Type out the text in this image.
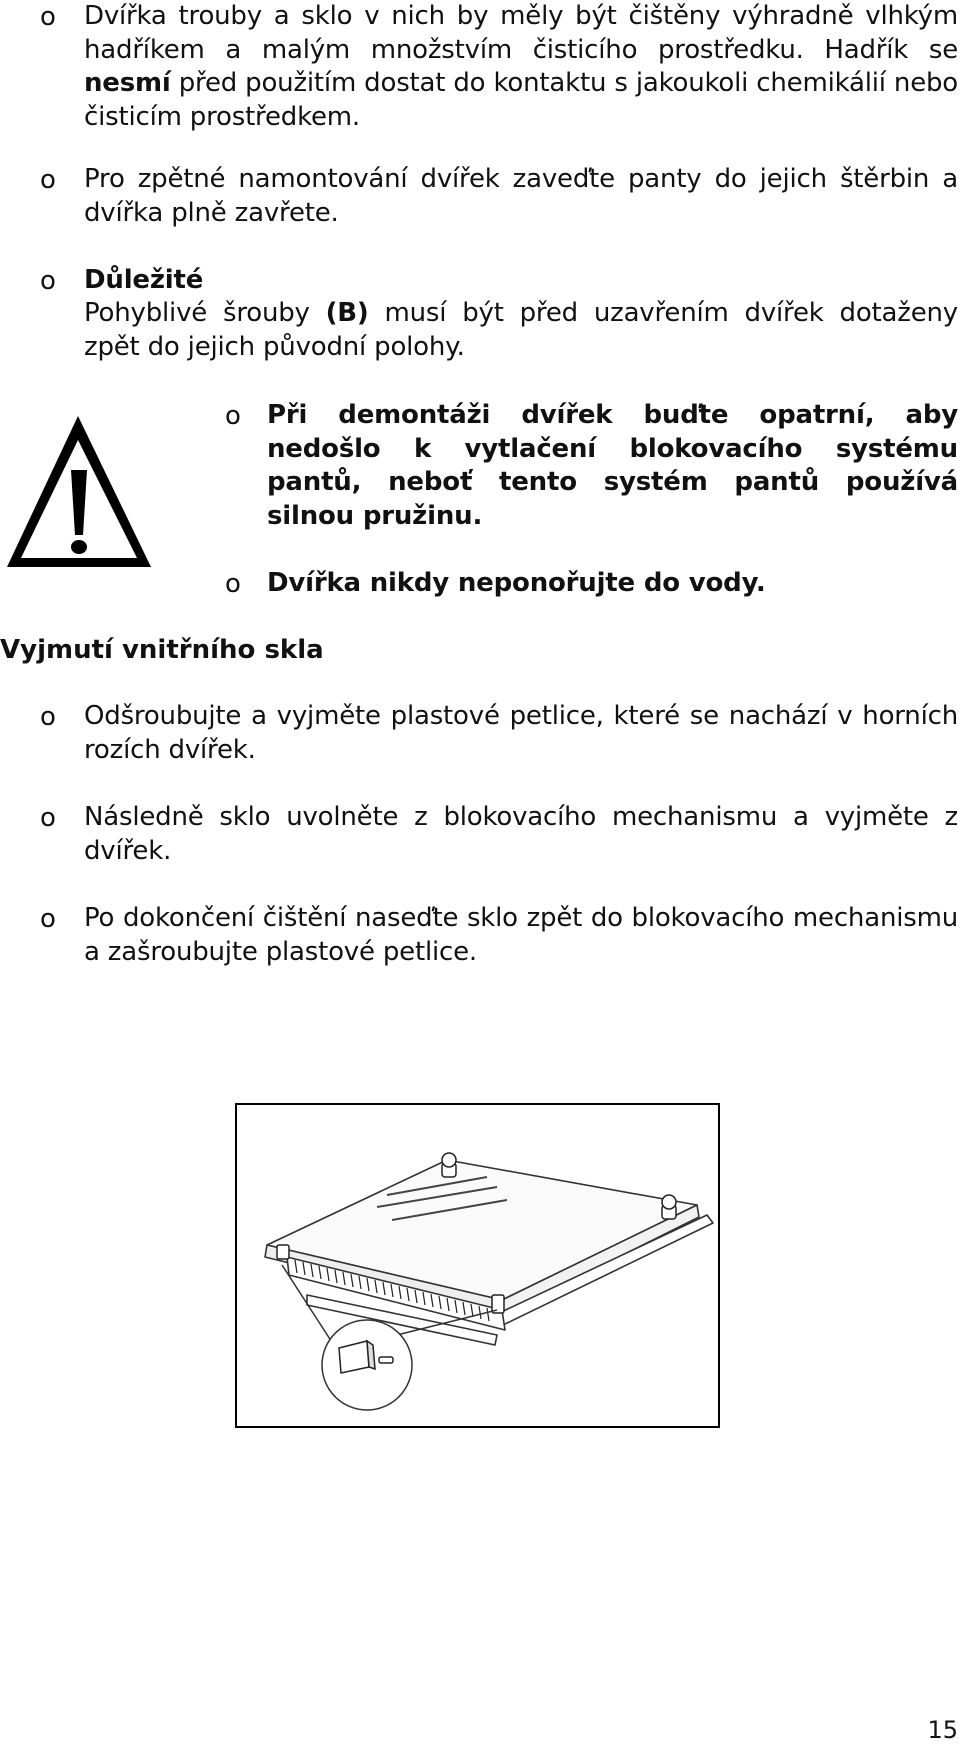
o Dvířka trouby a sklo v nich by měly být čištěny výhradně vlhkým hadříkem a malým množstvím čisticího prostředku. Hadřík se nesmí před použitím dostat do kontaktu s jakoukoli chemikálií nebo čisticím prostředkem.
o Pro zpětné namontování dvířek zaveďte panty do jejich štěrbin a dvířka plně zavřete.
o Důležité
Pohyblivé šrouby (B) musí být před uzavřením dvířek dotaženy zpět do jejich původní polohy.
o Při demontáži dvířek buďte opatrní, aby nedošlo k vytlačení blokovacího systému pantů, neboť tento systém pantů používá silnou pružinu.
o Dvířka nikdy neponořujte do vody.
Vyjmutí vnitřního skla
o Odšroubujte a vyjměte plastové petlice, které se nachází v horních rozích dvířek.
o Následně sklo uvolněte z blokovacího mechanismu a vyjměte z dvířek.
o Po dokončení čištění naseďte sklo zpět do blokovacího mechanismu a zašroubujte plastové petlice.
15
